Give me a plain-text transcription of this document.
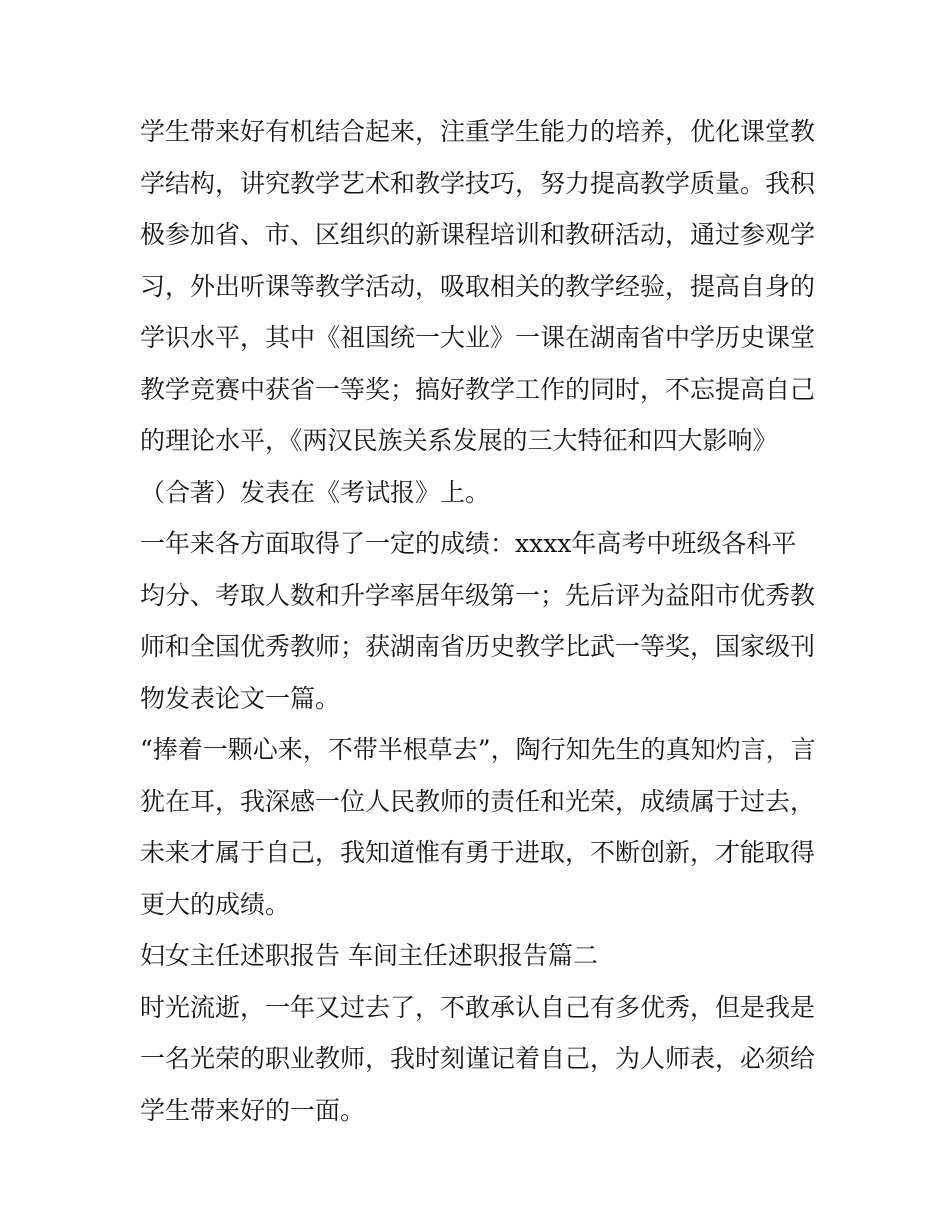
学生带来好有机结合起来，注重学生能力的培养，优化课堂教
学结构，讲究教学艺术和教学技巧，努力提高教学质量。我积
极参加省、市、区组织的新课程培训和教研活动，通过参观学
习，外出听课等教学活动，吸取相关的教学经验，提高自身的
学识水平，其中《祖国统一大业》一课在湖南省中学历史课堂
教学竞赛中获省一等奖；搞好教学工作的同时，不忘提高自己
的理论水平，《两汉民族关系发展的三大特征和四大影响》
（合著）发表在《考试报》上。
一年来各方面取得了一定的成绩：xxxx年高考中班级各科平
均分、考取人数和升学率居年级第一；先后评为益阳市优秀教
师和全国优秀教师；获湖南省历史教学比武一等奖，国家级刊
物发表论文一篇。
“捧着一颗心来，不带半根草去”，陶行知先生的真知灼言，言
犹在耳，我深感一位人民教师的责任和光荣，成绩属于过去，
未来才属于自己，我知道惟有勇于进取，不断创新，才能取得
更大的成绩。
妇女主任述职报告 车间主任述职报告篇二
时光流逝，一年又过去了，不敢承认自己有多优秀，但是我是
一名光荣的职业教师，我时刻谨记着自己，为人师表，必须给
学生带来好的一面。
